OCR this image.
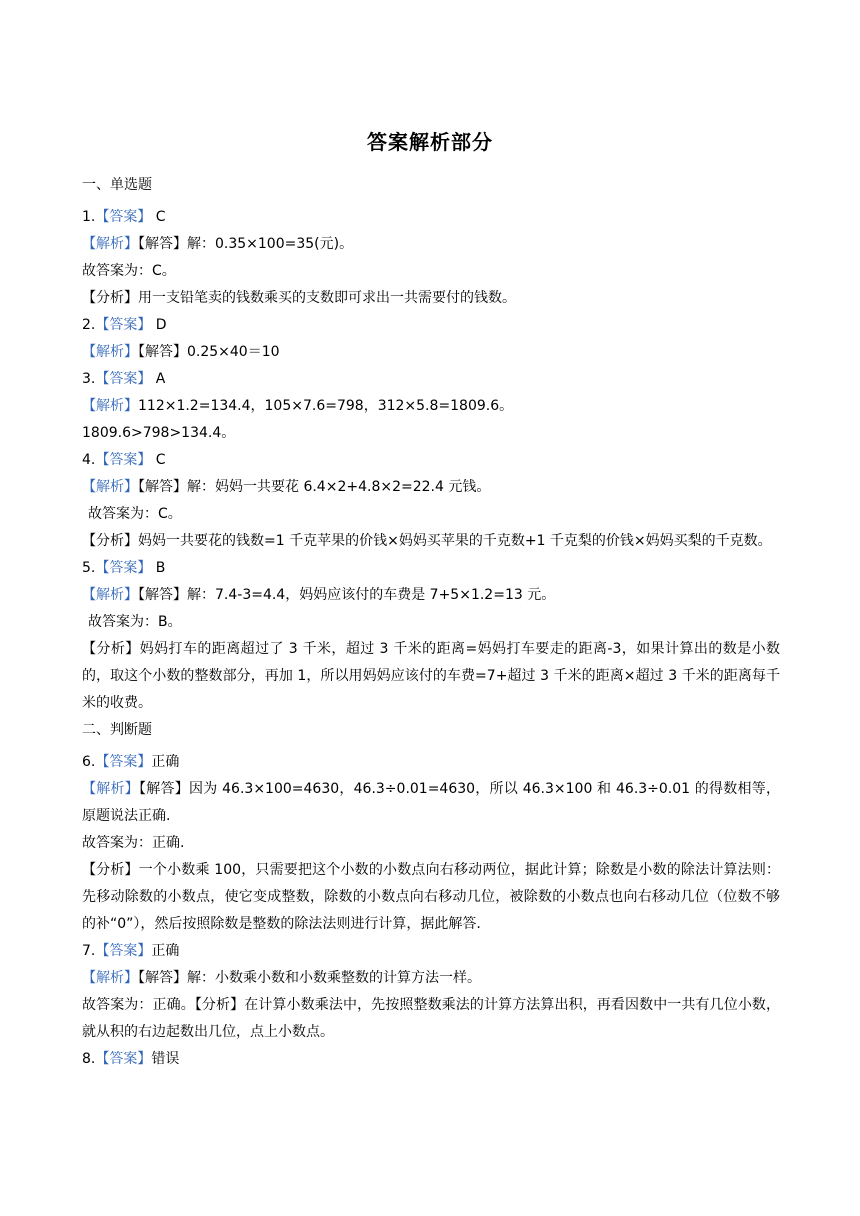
答案解析部分
一、单选题
1.【答案】 C
【解析】【解答】解：0.35×100=35(元)。
故答案为：C。
【分析】用一支铅笔卖的钱数乘买的支数即可求出一共需要付的钱数。
2.【答案】 D
【解析】【解答】0.25×40＝10
3.【答案】 A
【解析】112×1.2=134.4，105×7.6=798，312×5.8=1809.6。
1809.6>798>134.4。
4.【答案】 C
【解析】【解答】解：妈妈一共要花 6.4×2+4.8×2=22.4 元钱。
故答案为：C。
【分析】妈妈一共要花的钱数=1 千克苹果的价钱×妈妈买苹果的千克数+1 千克梨的价钱×妈妈买梨的千克数。
5.【答案】 B
【解析】【解答】解：7.4-3=4.4，妈妈应该付的车费是 7+5×1.2=13 元。
故答案为：B。
【分析】妈妈打车的距离超过了 3 千米，超过 3 千米的距离=妈妈打车要走的距离-3，如果计算出的数是小数的，取这个小数的整数部分，再加 1，所以用妈妈应该付的车费=7+超过 3 千米的距离×超过 3 千米的距离每千米的收费。
二、判断题
6.【答案】正确
【解析】【解答】因为 46.3×100=4630，46.3÷0.01=4630，所以 46.3×100 和 46.3÷0.01 的得数相等，原题说法正确.
故答案为：正确.
【分析】一个小数乘 100，只需要把这个小数的小数点向右移动两位，据此计算；除数是小数的除法计算法则：先移动除数的小数点，使它变成整数，除数的小数点向右移动几位，被除数的小数点也向右移动几位（位数不够的补“0”），然后按照除数是整数的除法法则进行计算，据此解答.
7.【答案】正确
【解析】【解答】解：小数乘小数和小数乘整数的计算方法一样。
故答案为：正确。【分析】在计算小数乘法中，先按照整数乘法的计算方法算出积，再看因数中一共有几位小数，就从积的右边起数出几位，点上小数点。
8.【答案】错误
